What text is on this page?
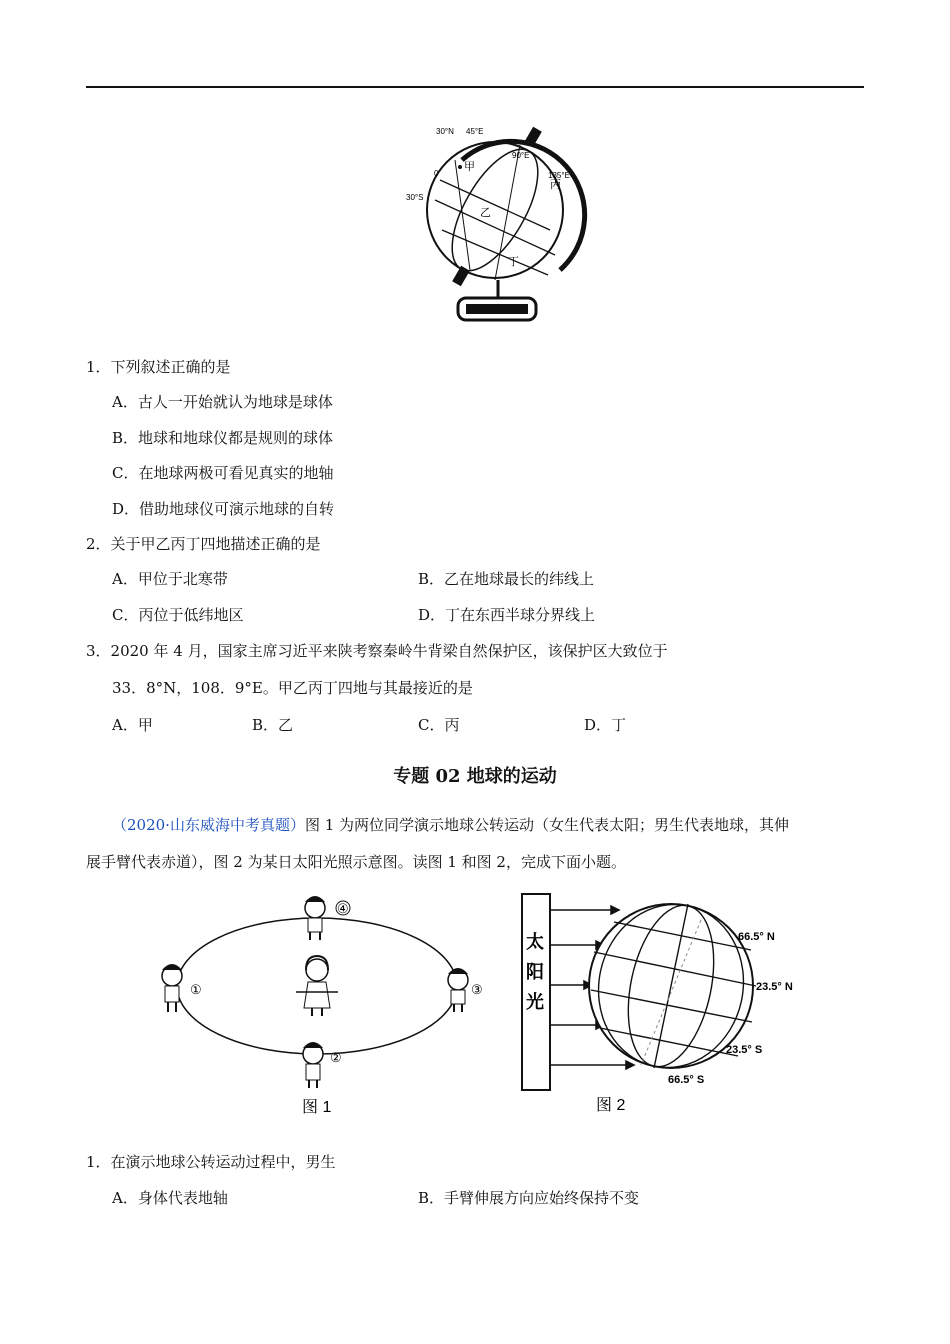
30°N 45°E
0
90°E
135°E
30°S
甲
乙
丙
丁
1．下列叙述正确的是
A．古人一开始就认为地球是球体
B．地球和地球仪都是规则的球体
C．在地球两极可看见真实的地轴
D．借助地球仪可演示地球的自转
2．关于甲乙丙丁四地描述正确的是
A．甲位于北寒带	B．乙在地球最长的纬线上
C．丙位于低纬地区	D．丁在东西半球分界线上
3．2020 年 4 月，国家主席习近平来陕考察秦岭牛背梁自然保护区，该保护区大致位于
33．8°N，108．9°E。甲乙丙丁四地与其最接近的是
A．甲	B．乙	C．丙	D．丁
专题 02 地球的运动
（2020·山东威海中考真题）图 1 为两位同学演示地球公转运动（女生代表太阳；男生代表地球，其伸
展手臂代表赤道），图 2 为某日太阳光照示意图。读图 1 和图 2，完成下面小题。
④
①	③
②
图 1
太
阳
光
66.5° N
23.5° N
23.5° S
66.5° S
图 2
1．在演示地球公转运动过程中，男生
A．身体代表地轴	B．手臂伸展方向应始终保持不变
